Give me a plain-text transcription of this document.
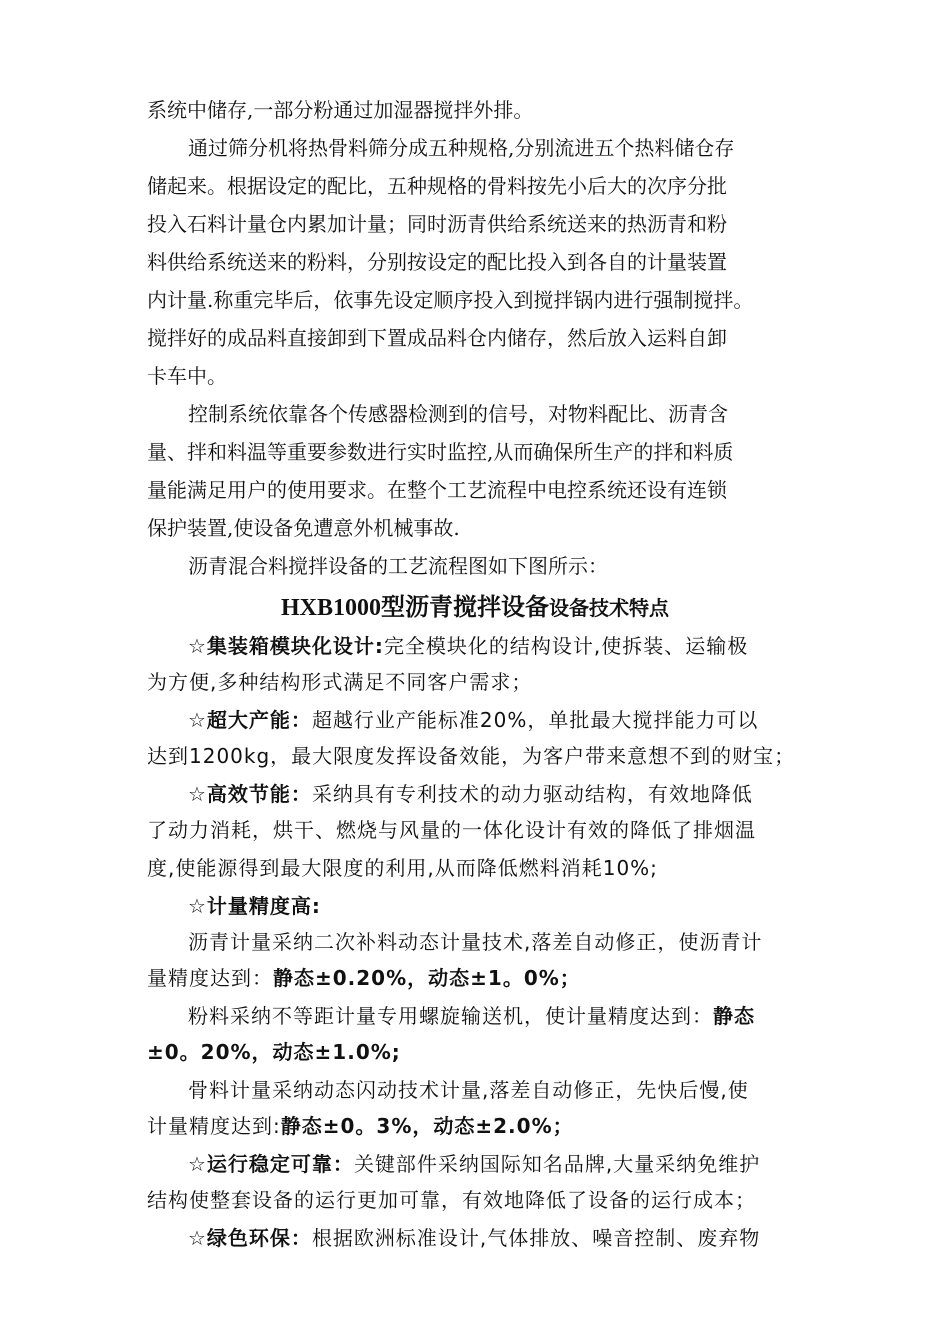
系统中储存,一部分粉通过加湿器搅拌外排。
通过筛分机将热骨料筛分成五种规格,分别流进五个热料储仓存
储起来。根据设定的配比，五种规格的骨料按先小后大的次序分批
投入石料计量仓内累加计量；同时沥青供给系统送来的热沥青和粉
料供给系统送来的粉料，分别按设定的配比投入到各自的计量装置
内计量.称重完毕后，依事先设定顺序投入到搅拌锅内进行强制搅拌。
搅拌好的成品料直接卸到下置成品料仓内储存，然后放入运料自卸
卡车中。
控制系统依靠各个传感器检测到的信号，对物料配比、沥青含
量、拌和料温等重要参数进行实时监控,从而确保所生产的拌和料质
量能满足用户的使用要求。在整个工艺流程中电控系统还设有连锁
保护装置,使设备免遭意外机械事故.
沥青混合料搅拌设备的工艺流程图如下图所示：
HXB1000型沥青搅拌设备设备技术特点
☆集装箱模块化设计:完全模块化的结构设计,使拆装、运输极
为方便,多种结构形式满足不同客户需求；
☆超大产能：超越行业产能标准20%，单批最大搅拌能力可以
达到1200kg，最大限度发挥设备效能，为客户带来意想不到的财宝；
☆高效节能：采纳具有专利技术的动力驱动结构，有效地降低
了动力消耗，烘干、燃烧与风量的一体化设计有效的降低了排烟温
度,使能源得到最大限度的利用,从而降低燃料消耗10%;
☆计量精度高:
沥青计量采纳二次补料动态计量技术,落差自动修正，使沥青计
量精度达到：静态±0.20%，动态±1。0%；
粉料采纳不等距计量专用螺旋输送机，使计量精度达到：静态
±0。20%，动态±1.0%;
骨料计量采纳动态闪动技术计量,落差自动修正，先快后慢,使
计量精度达到:静态±0。3%，动态±2.0%；
☆运行稳定可靠：关键部件采纳国际知名品牌,大量采纳免维护
结构使整套设备的运行更加可靠，有效地降低了设备的运行成本；
☆绿色环保：根据欧洲标准设计,气体排放、噪音控制、废弃物
